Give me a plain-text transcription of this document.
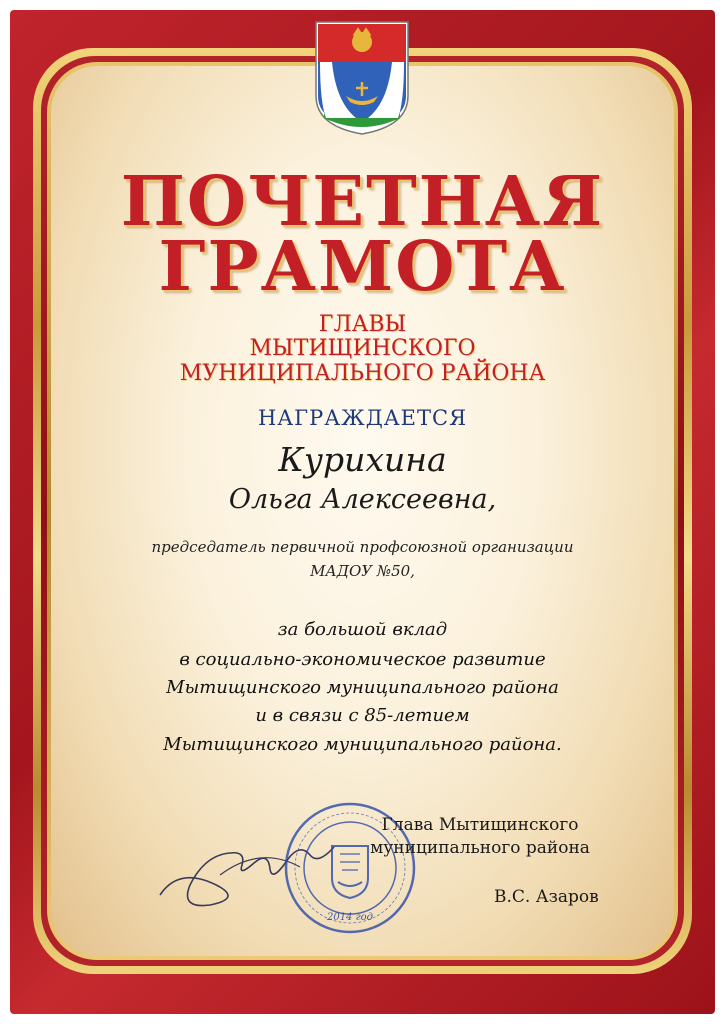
ПОЧЕТНАЯ
ГРАМОТА
ГЛАВЫ
МЫТИЩИНСКОГО
МУНИЦИПАЛЬНОГО РАЙОНА
НАГРАЖДАЕТСЯ
Курихина
Ольга Алексеевна,
председатель первичной профсоюзной организации
МАДОУ №50,
за большой вклад
в социально-экономическое развитие
Мытищинского муниципального района
и в связи с 85-летием
Мытищинского муниципального района.
2014 год
Глава Мытищинского
муниципального района
В.С. Азаров
